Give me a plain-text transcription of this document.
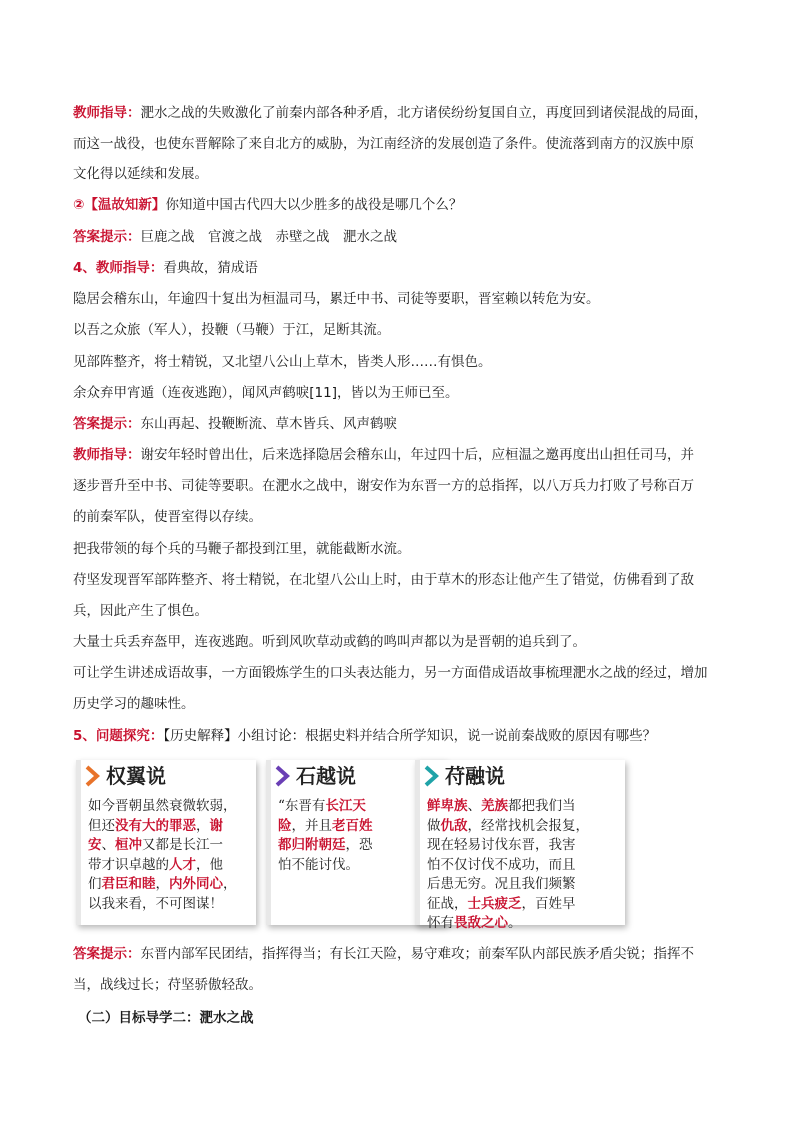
教师指导：淝水之战的失败激化了前秦内部各种矛盾，北方诸侯纷纷复国自立，再度回到诸侯混战的局面，
而这一战役，也使东晋解除了来自北方的威胁，为江南经济的发展创造了条件。使流落到南方的汉族中原
文化得以延续和发展。
②【温故知新】你知道中国古代四大以少胜多的战役是哪几个么？
答案提示：巨鹿之战　官渡之战　赤壁之战　淝水之战
4、教师指导：看典故，猜成语
隐居会稽东山，年逾四十复出为桓温司马，累迁中书、司徒等要职，晋室赖以转危为安。
以吾之众旅（军人），投鞭（马鞭）于江，足断其流。
见部阵整齐，将士精锐，又北望八公山上草木，皆类人形……有惧色。
余众弃甲宵遁（连夜逃跑），闻风声鹤唳[11]，皆以为王师已至。
答案提示：东山再起、投鞭断流、草木皆兵、风声鹤唳
教师指导：谢安年轻时曾出仕，后来选择隐居会稽东山，年过四十后，应桓温之邀再度出山担任司马，并
逐步晋升至中书、司徒等要职。在淝水之战中，谢安作为东晋一方的总指挥，以八万兵力打败了号称百万
的前秦军队，使晋室得以存续。
把我带领的每个兵的马鞭子都投到江里，就能截断水流。
苻坚发现晋军部阵整齐、将士精锐，在北望八公山上时，由于草木的形态让他产生了错觉，仿佛看到了敌
兵，因此产生了惧色。
大量士兵丢弃盔甲，连夜逃跑。听到风吹草动或鹤的鸣叫声都以为是晋朝的追兵到了。
可让学生讲述成语故事，一方面锻炼学生的口头表达能力，另一方面借成语故事梳理淝水之战的经过，增加
历史学习的趣味性。
5、问题探究：【历史解释】小组讨论：根据史料并结合所学知识，说一说前秦战败的原因有哪些？
权翼说
如今晋朝虽然衰微软弱，
但还没有大的罪恶，谢
安、桓冲又都是长江一
带才识卓越的人才，他
们君臣和睦，内外同心，
以我来看，不可图谋！
石越说
“东晋有长江天
险，并且老百姓
都归附朝廷，恐
怕不能讨伐。
苻融说
鲜卑族、羌族都把我们当
做仇敌，经常找机会报复，
现在轻易讨伐东晋，我害
怕不仅讨伐不成功，而且
后患无穷。况且我们频繁
征战，士兵疲乏，百姓早
怀有畏敌之心。
答案提示：东晋内部军民团结，指挥得当；有长江天险，易守难攻；前秦军队内部民族矛盾尖锐；指挥不
当，战线过长；苻坚骄傲轻敌。
（二）目标导学二：淝水之战
